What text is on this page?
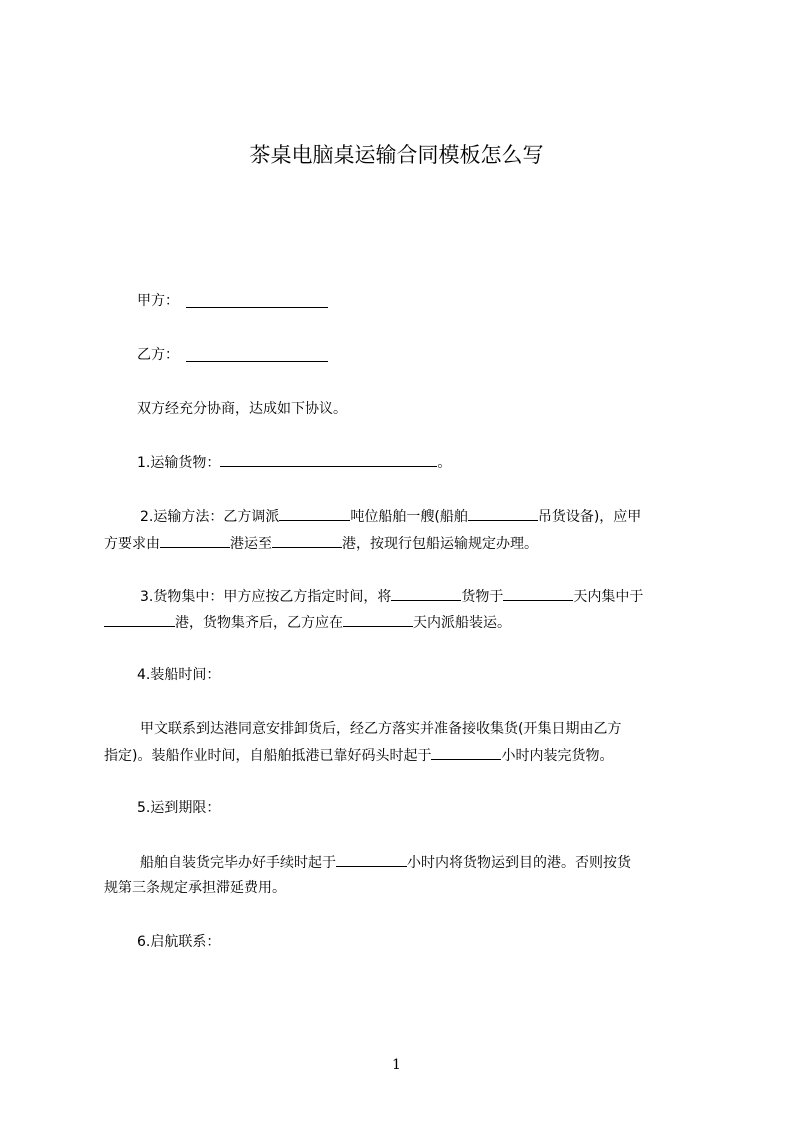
茶桌电脑桌运输合同模板怎么写
甲方：
乙方：

双方经充分协商，达成如下协议。

1.运输货物：	。

2.运输方法：乙方调派	吨位船舶一艘(船舶	吊货设备)，应甲

方要求由	港运至	港，按现行包船运输规定办理。

3.货物集中：甲方应按乙方指定时间，将	货物于	天内集中于

港，货物集齐后，乙方应在	天内派船装运。

4.装船时间：

甲文联系到达港同意安排卸货后，经乙方落实并准备接收集货(开集日期由乙方

指定)。装船作业时间，自船舶抵港已靠好码头时起于	小时内装完货物。

5.运到期限：

船舶自装货完毕办好手续时起于	小时内将货物运到目的港。否则按货

规第三条规定承担滞延费用。

6.启航联系：

1
